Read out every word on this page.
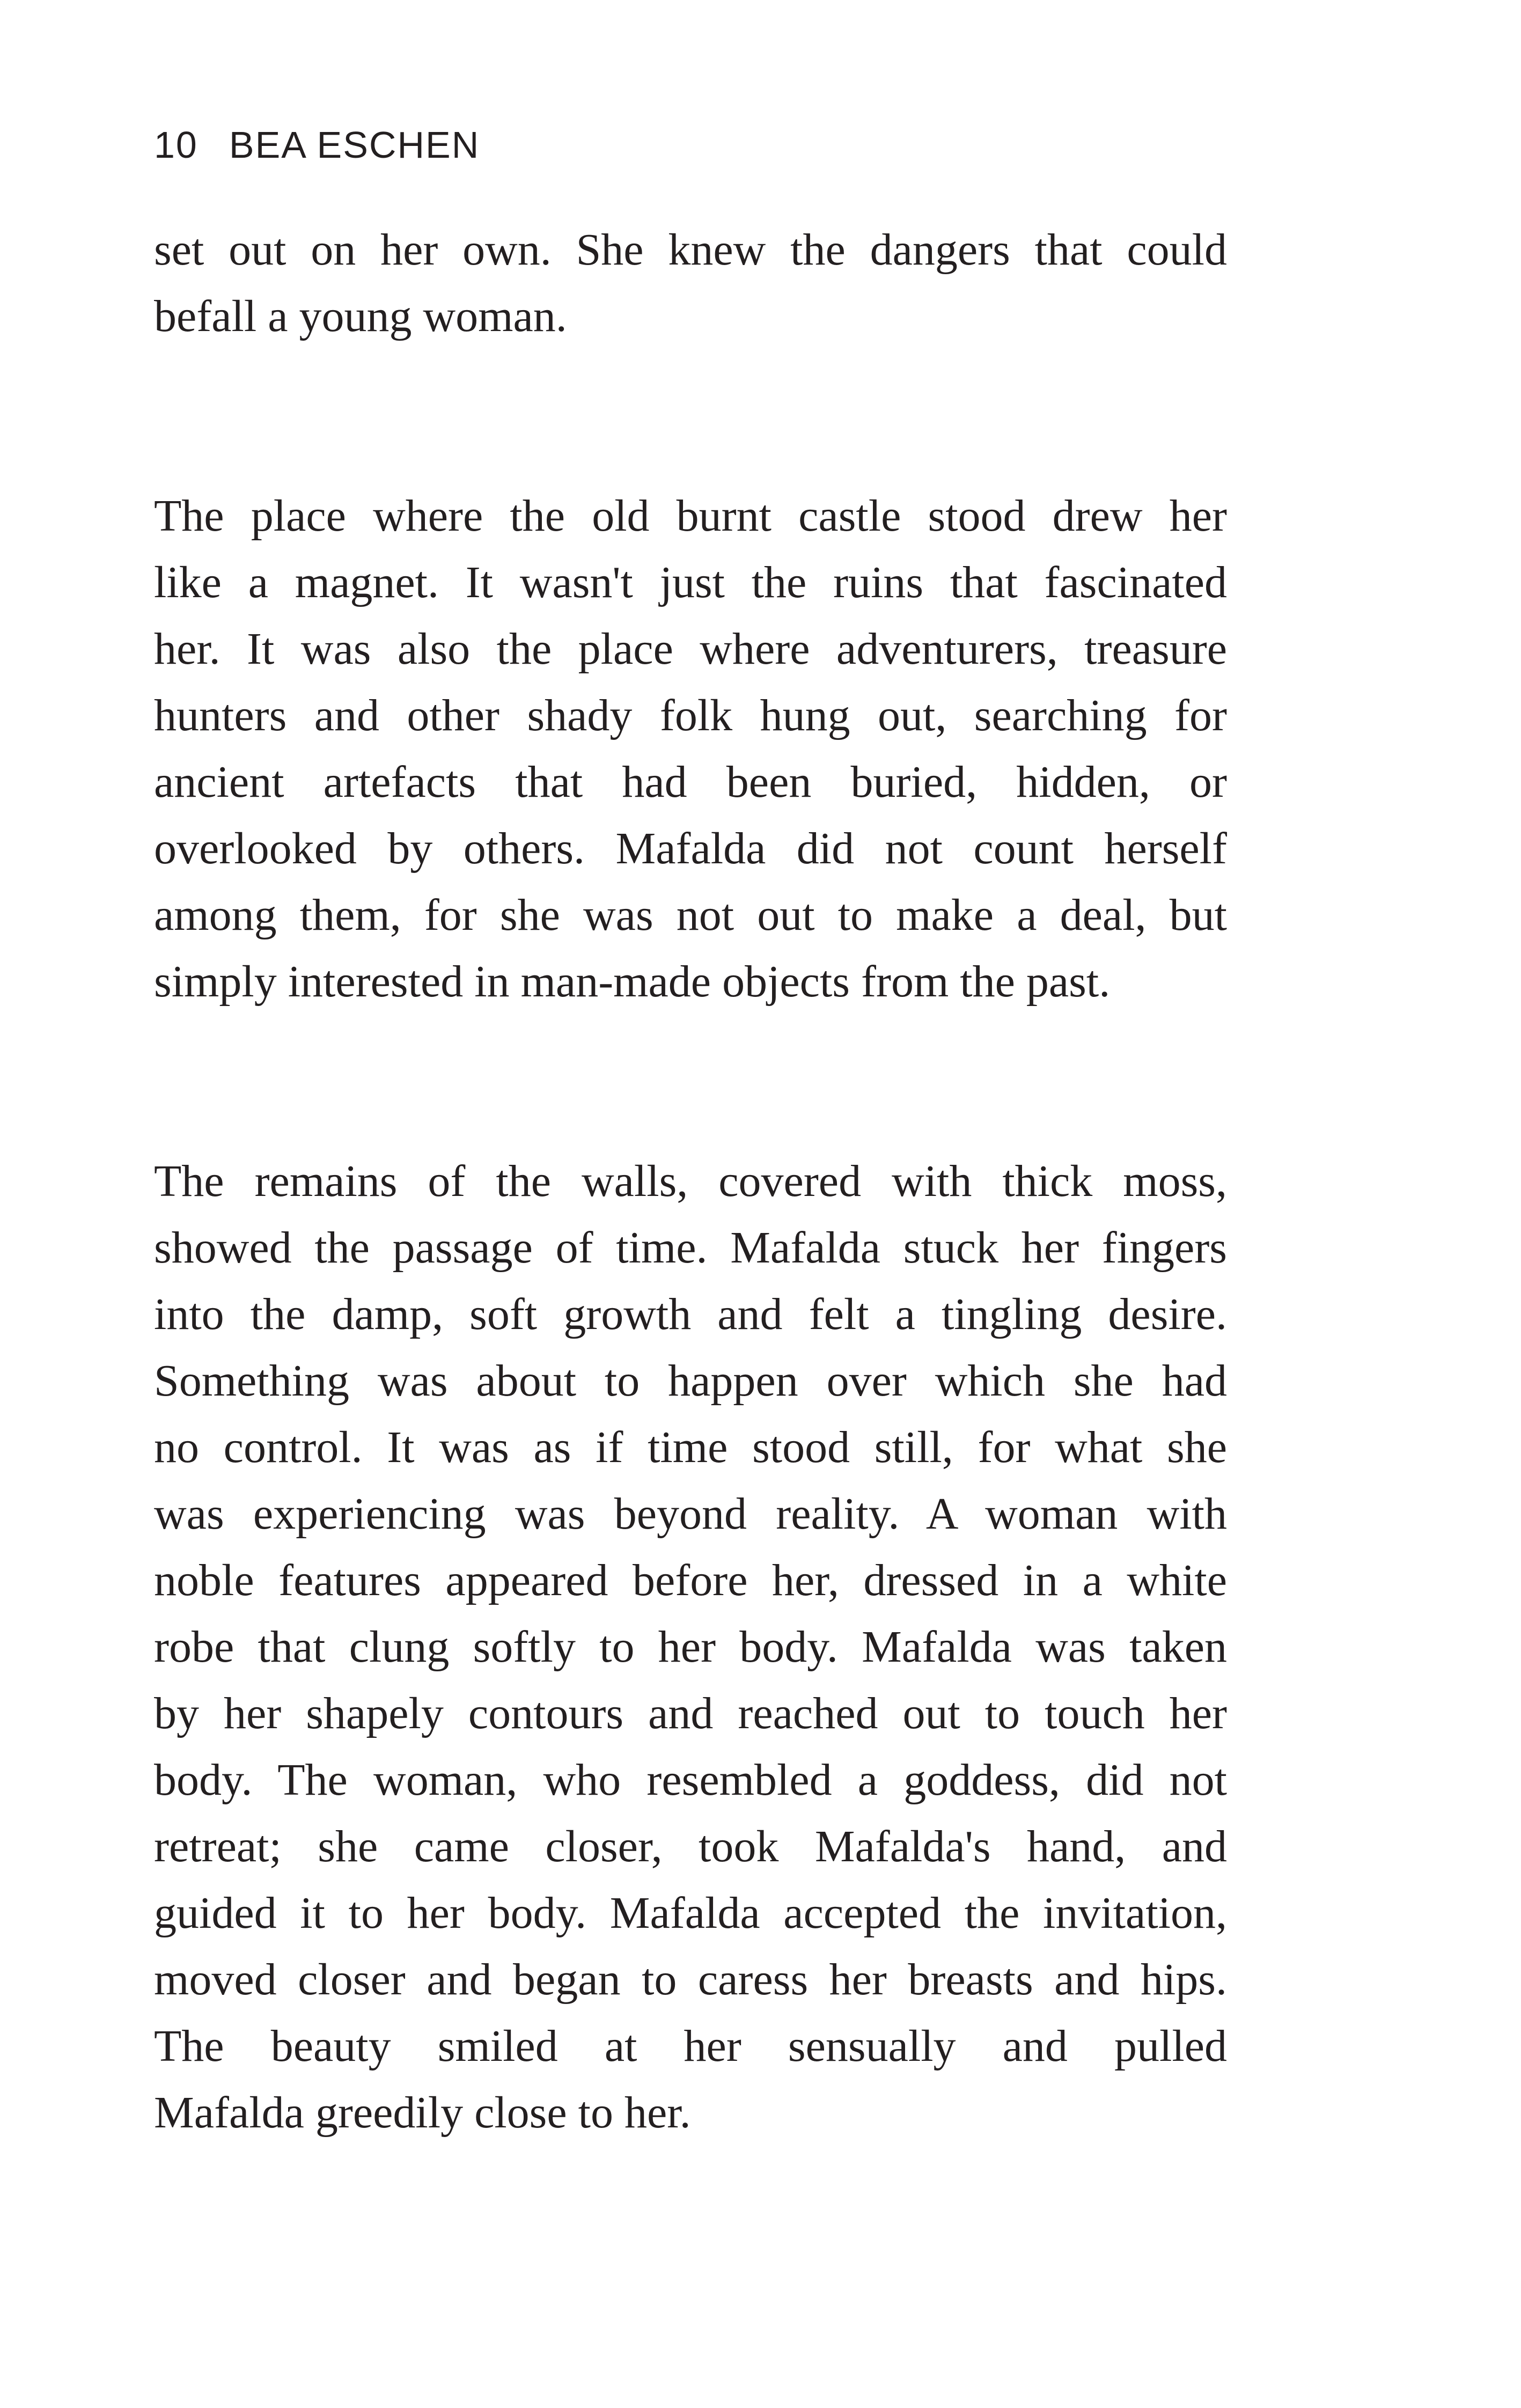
10 BEA ESCHEN
set out on her own. She knew the dangers that could
befall a young woman.
The place where the old burnt castle stood drew her
like a magnet. It wasn't just the ruins that fascinated
her. It was also the place where adventurers, treasure
hunters and other shady folk hung out, searching for
ancient artefacts that had been buried, hidden, or
overlooked by others. Mafalda did not count herself
among them, for she was not out to make a deal, but
simply interested in man-made objects from the past.
The remains of the walls, covered with thick moss,
showed the passage of time. Mafalda stuck her fingers
into the damp, soft growth and felt a tingling desire.
Something was about to happen over which she had
no control. It was as if time stood still, for what she
was experiencing was beyond reality. A woman with
noble features appeared before her, dressed in a white
robe that clung softly to her body. Mafalda was taken
by her shapely contours and reached out to touch her
body. The woman, who resembled a goddess, did not
retreat; she came closer, took Mafalda's hand, and
guided it to her body. Mafalda accepted the invitation,
moved closer and began to caress her breasts and hips.
The beauty smiled at her sensually and pulled
Mafalda greedily close to her.
